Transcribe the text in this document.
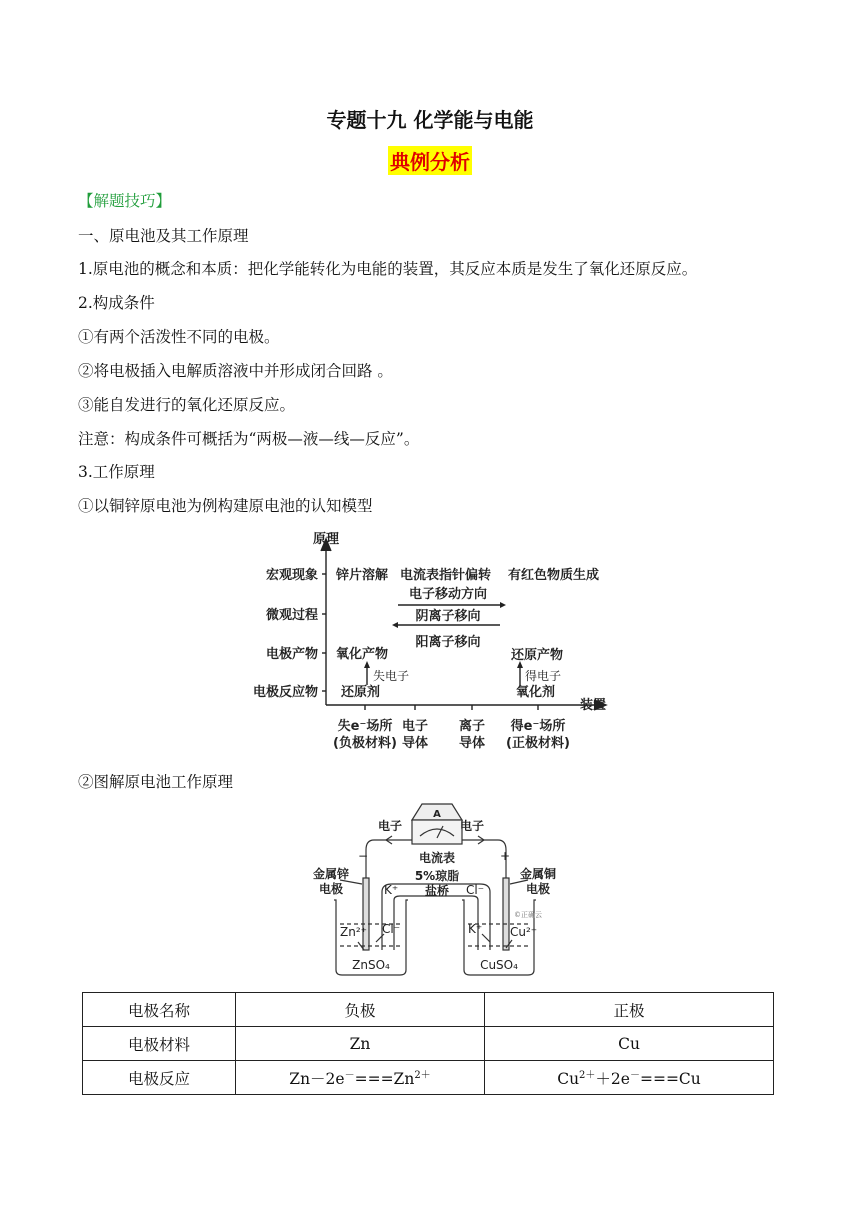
专题十九 化学能与电能
典例分析
【解题技巧】
一、原电池及其工作原理
1.原电池的概念和本质：把化学能转化为电能的装置，其反应本质是发生了氧化还原反应。
2.构成条件
①有两个活泼性不同的电极。
②将电极插入电解质溶液中并形成闭合回路 。
③能自发进行的氧化还原反应。
注意：构成条件可概括为“两极—液—线—反应”。
3.工作原理
①以铜锌原电池为例构建原电池的认知模型
原理
装置
宏观现象
微观过程
电极产物
电极反应物
锌片溶解 电流表指针偏转 有红色物质生成
电子移动方向
阴离子移向
阳离子移向
氧化产物
失电子
还原剂
还原产物
得电子
氧化剂
失e⁻场所
(负极材料)
电子
导体
离子
导体
得e⁻场所
(正极材料)
②图解原电池工作原理
A
电子	电子
电流表
−	+
金属锌
电极
金属铜
电极
5%琼脂
盐桥
K⁺	Cl⁻
Zn²⁺ Cl⁻	K⁺ Cu²⁺
ZnSO₄	CuSO₄
©正确云
电极名称	负极	正极
电极材料	Zn	Cu
电极反应	$Zn-2e^-===Zn^{2+}$	$Cu^{2+}+2e^-===Cu$
